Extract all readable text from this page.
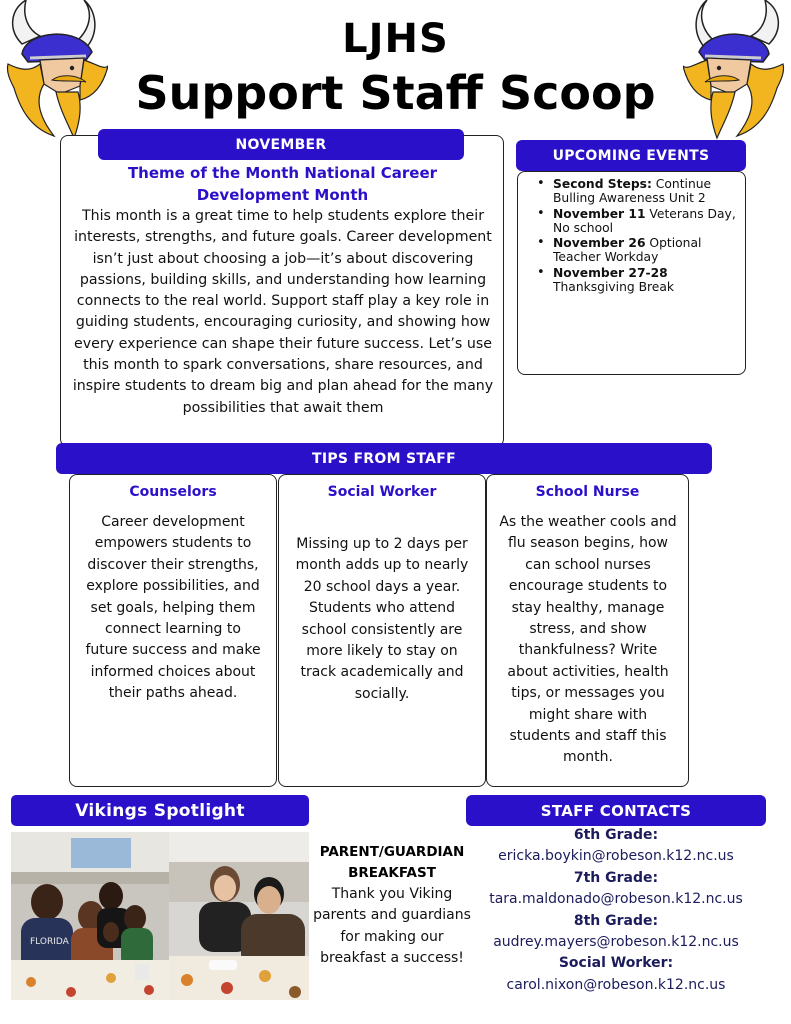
LJHS
Support Staff Scoop
NOVEMBER
Theme of the Month National Career Development Month
This month is a great time to help students explore their interests, strengths, and future goals. Career development isn’t just about choosing a job—it’s about discovering passions, building skills, and understanding how learning connects to the real world. Support staff play a key role in guiding students, encouraging curiosity, and showing how every experience can shape their future success. Let’s use this month to spark conversations, share resources, and inspire students to dream big and plan ahead for the many possibilities that await them
UPCOMING EVENTS
• Second Steps: Continue Bulling Awareness Unit 2
• November 11 Veterans Day, No school
• November 26 Optional Teacher Workday
• November 27-28 Thanksgiving Break
TIPS FROM STAFF
Counselors
Career development empowers students to discover their strengths, explore possibilities, and set goals, helping them connect learning to future success and make informed choices about their paths ahead.
Social Worker
Missing up to 2 days per month adds up to nearly 20 school days a year.
Students who attend school consistently are more likely to stay on track academically and socially.
School Nurse
As the weather cools and flu season begins, how can school nurses encourage students to stay healthy, manage stress, and show thankfulness? Write about activities, health tips, or messages you might share with students and staff this month.
Vikings Spotlight
FLORIDA
PARENT/GUARDIAN BREAKFAST
Thank you Viking parents and guardians for making our breakfast a success!
STAFF CONTACTS
6th Grade:
ericka.boykin@robeson.k12.nc.us
7th Grade:
tara.maldonado@robeson.k12.nc.us
8th Grade:
audrey.mayers@robeson.k12.nc.us
Social Worker:
carol.nixon@robeson.k12.nc.us
